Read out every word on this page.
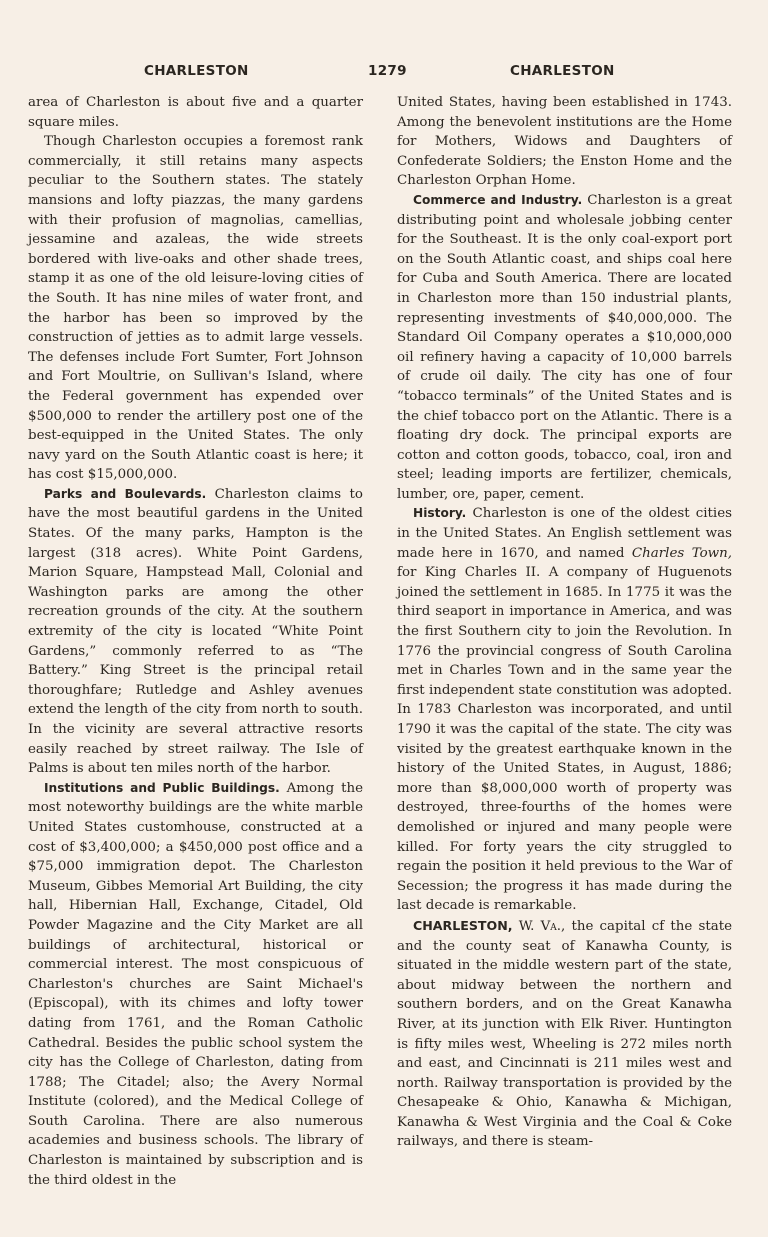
CHARLESTON	1279	CHARLESTON

area of Charleston is about five and a quarter square miles.

Though Charleston occupies a foremost rank commercially, it still retains many aspects peculiar to the Southern states. The stately mansions and lofty piazzas, the many gardens with their profusion of magnolias, camellias, jessamine and azaleas, the wide streets bordered with live-oaks and other shade trees, stamp it as one of the old leisure-loving cities of the South. It has nine miles of water front, and the harbor has been so improved by the construction of jetties as to admit large vessels. The defenses include Fort Sumter, Fort Johnson and Fort Moultrie, on Sullivan's Island, where the Federal government has expended over $500,000 to render the artillery post one of the best-equipped in the United States. The only navy yard on the South Atlantic coast is here; it has cost $15,000,000.

Parks and Boulevards. Charleston claims to have the most beautiful gardens in the United States. Of the many parks, Hampton is the largest (318 acres). White Point Gardens, Marion Square, Hampstead Mall, Colonial and Washington parks are among the other recreation grounds of the city. At the southern extremity of the city is located “White Point Gardens,” commonly referred to as “The Battery.” King Street is the principal retail thoroughfare; Rutledge and Ashley avenues extend the length of the city from north to south. In the vicinity are several attractive resorts easily reached by street railway. The Isle of Palms is about ten miles north of the harbor.

Institutions and Public Buildings. Among the most noteworthy buildings are the white marble United States customhouse, constructed at a cost of $3,400,000; a $450,000 post office and a $75,000 immigration depot. The Charleston Museum, Gibbes Memorial Art Building, the city hall, Hibernian Hall, Exchange, Citadel, Old Powder Magazine and the City Market are all buildings of architectural, historical or commercial interest. The most conspicuous of Charleston's churches are Saint Michael's (Episcopal), with its chimes and lofty tower dating from 1761, and the Roman Catholic Cathedral. Besides the public school system the city has the College of Charleston, dating from 1788; The Citadel; also; the Avery Normal Institute (colored), and the Medical College of South Carolina. There are also numerous academies and business schools. The library of Charleston is maintained by subscription and is the third oldest in the

United States, having been established in 1743. Among the benevolent institutions are the Home for Mothers, Widows and Daughters of Confederate Soldiers; the Enston Home and the Charleston Orphan Home.

Commerce and Industry. Charleston is a great distributing point and wholesale jobbing center for the Southeast. It is the only coal-export port on the South Atlantic coast, and ships coal here for Cuba and South America. There are located in Charleston more than 150 industrial plants, representing investments of $40,000,000. The Standard Oil Company operates a $10,000,000 oil refinery having a capacity of 10,000 barrels of crude oil daily. The city has one of four “tobacco terminals” of the United States and is the chief tobacco port on the Atlantic. There is a floating dry dock. The principal exports are cotton and cotton goods, tobacco, coal, iron and steel; leading imports are fertilizer, chemicals, lumber, ore, paper, cement.

History. Charleston is one of the oldest cities in the United States. An English settlement was made here in 1670, and named Charles Town, for King Charles II. A company of Huguenots joined the settlement in 1685. In 1775 it was the third seaport in importance in America, and was the first Southern city to join the Revolution. In 1776 the provincial congress of South Carolina met in Charles Town and in the same year the first independent state constitution was adopted. In 1783 Charleston was incorporated, and until 1790 it was the capital of the state. The city was visited by the greatest earthquake known in the history of the United States, in August, 1886; more than $8,000,000 worth of property was destroyed, three-fourths of the homes were demolished or injured and many people were killed. For forty years the city struggled to regain the position it held previous to the War of Secession; the progress it has made during the last decade is remarkable.

CHARLESTON, W. Va., the capital cf the state and the county seat of Kanawha County, is situated in the middle western part of the state, about midway between the northern and southern borders, and on the Great Kanawha River, at its junction with Elk River. Huntington is fifty miles west, Wheeling is 272 miles north and east, and Cincinnati is 211 miles west and north. Railway transportation is provided by the Chesapeake & Ohio, Kanawha & Michigan, Kanawha & West Virginia and the Coal & Coke railways, and there is steam-
